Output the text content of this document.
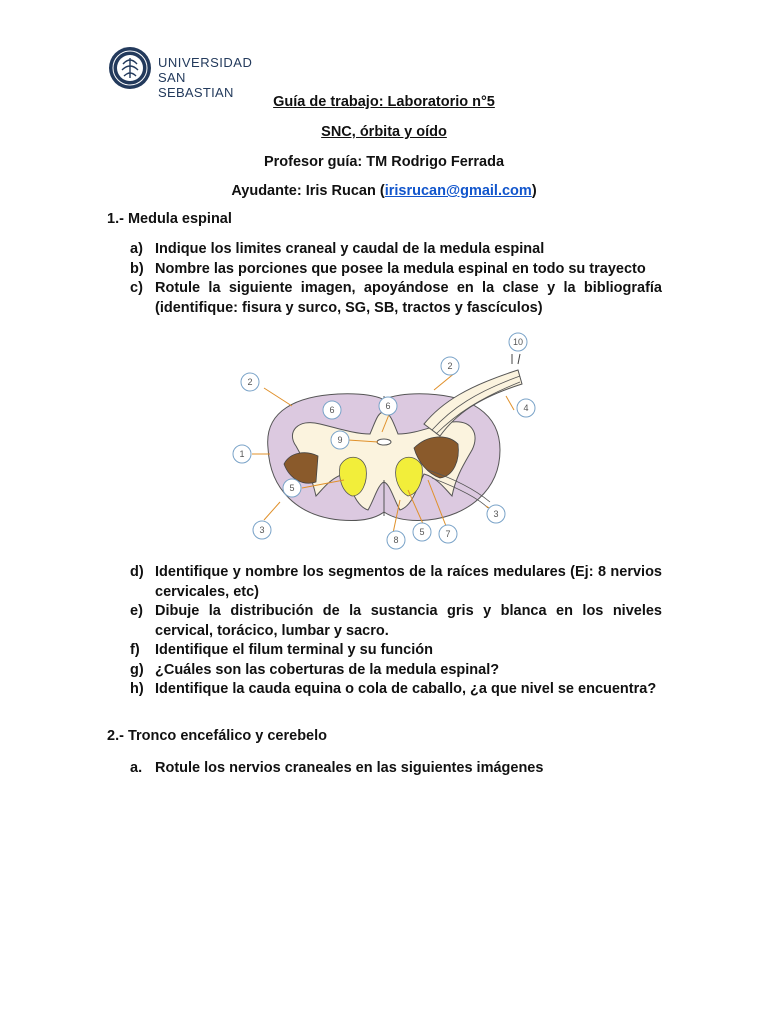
UNIVERSIDAD
SAN SEBASTIAN
Guía de trabajo: Laboratorio n°5
SNC, órbita y oído
Profesor guía: TM Rodrigo Ferrada
Ayudante: Iris Rucan (irisrucan@gmail.com)
1.- Medula espinal
a) Indique los limites craneal y caudal de la medula espinal
b) Nombre las porciones que posee la medula espinal en todo su trayecto
c) Rotule la siguiente imagen, apoyándose en la clase y la bibliografía (identifique: fisura y surco, SG, SB, tractos y fascículos)
1
2
2
3
3
4
5
5
6	6
7
8
9
10
d) Identifique y nombre los segmentos de la raíces medulares (Ej: 8 nervios cervicales, etc)
e) Dibuje la distribución de la sustancia gris y blanca en los niveles cervical, torácico, lumbar y sacro.
f) Identifique el filum terminal y su función
g) ¿Cuáles son las coberturas de la medula espinal?
h) Identifique la cauda equina o cola de caballo, ¿a que nivel se encuentra?
2.- Tronco encefálico y cerebelo
a. Rotule los nervios craneales en las siguientes imágenes
